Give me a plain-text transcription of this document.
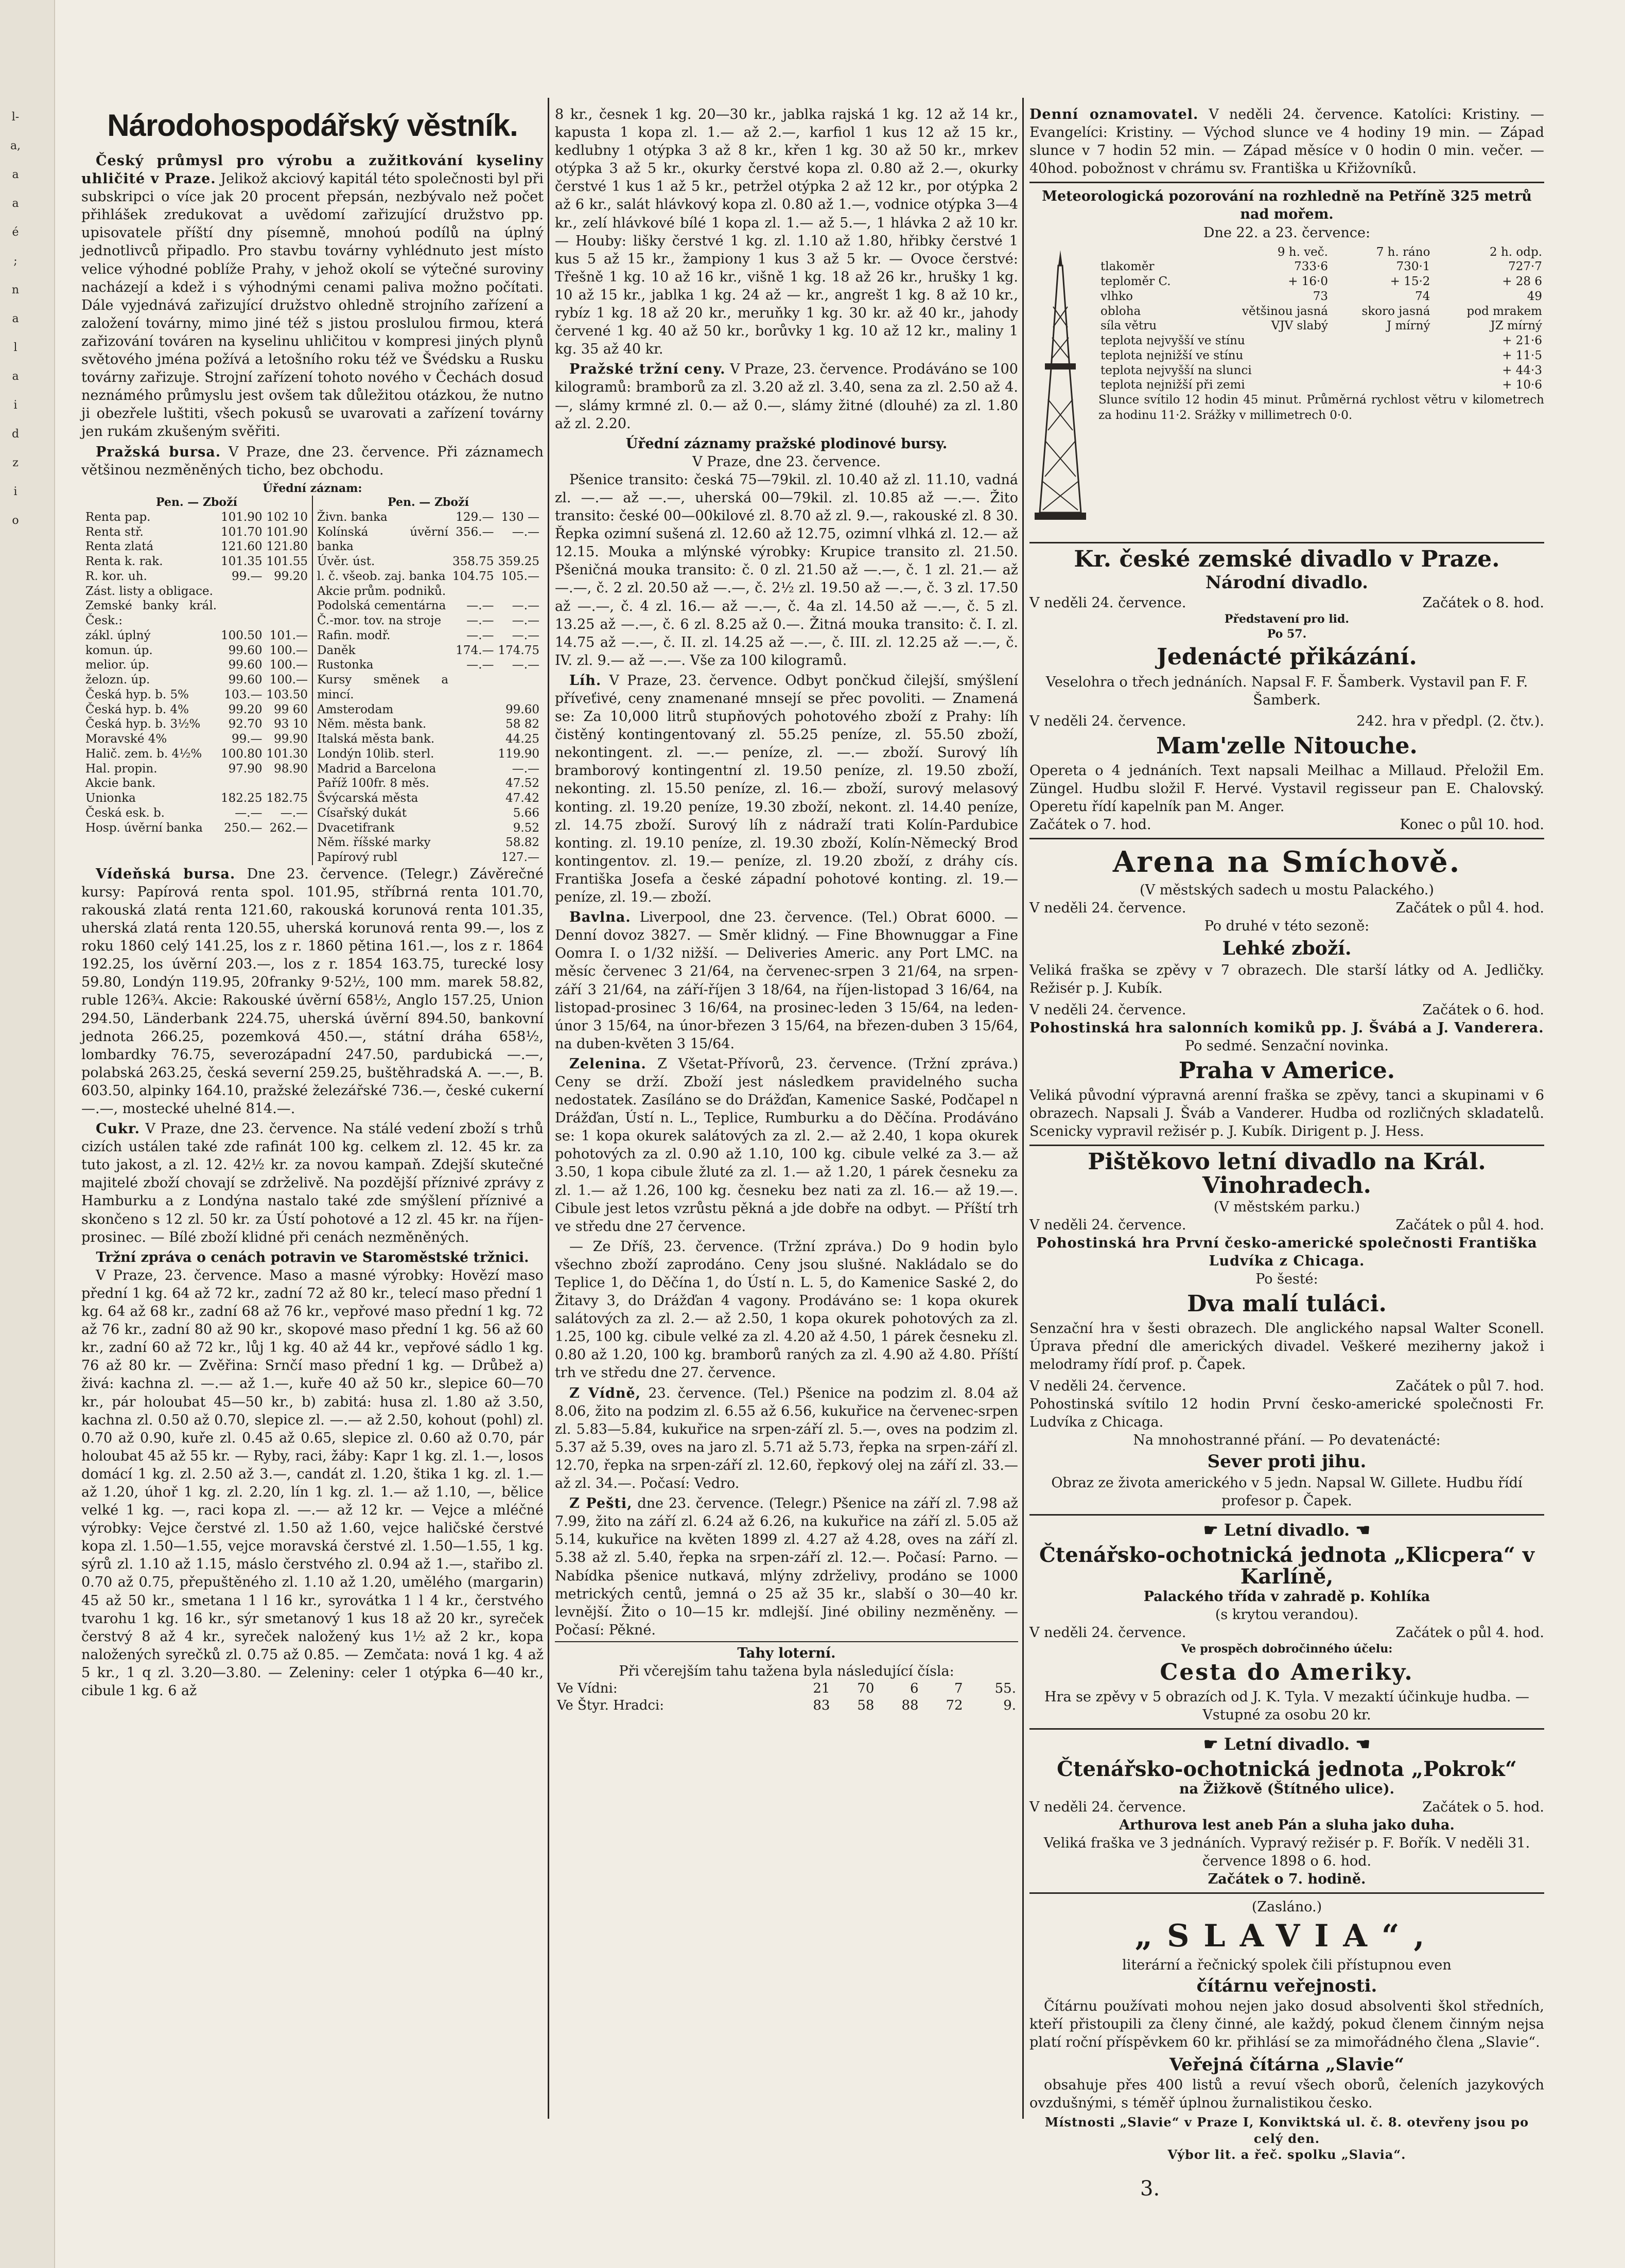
l-
a,
a
a
é
;
n
a
l
a
i
d
z
i
o
Národohospodářský věstník.

Český průmysl pro výrobu a zužitkování kyseliny uhličité v Praze. Jelikož akciový kapitál této společnosti byl při subskripci o více jak 20 procent přepsán, nezbývalo než počet přihlášek zredukovat a uvědomí zařizující družstvo pp. upisovatele příští dny písemně, mnohoú podílů na úplný jednotlivců připadlo. Pro stavbu továrny vyhlédnuto jest místo velice výhodné poblíže Prahy, v jehož okolí se výtečné suroviny nacházejí a kdež i s výhodnými cenami paliva možno počítati. Dále vyjednává zařizující družstvo ohledně strojního zařízení a založení továrny, mimo jiné též s jistou proslulou firmou, která zařizování továren na kyselinu uhličitou v kompresi jiných plynů světového jména požívá a letošního roku též ve Švédsku a Rusku továrny zařizuje. Strojní zařízení tohoto nového v Čechách dosud neznámého průmyslu jest ovšem tak důležitou otázkou, že nutno ji obezřele luštiti, všech pokusů se uvarovati a zařízení továrny jen rukám zkušeným svěřiti.

Pražská bursa. V Praze, dne 23. července. Při záznamech většinou nezměněných ticho, bez obchodu.

Úřední záznam:
Pen. — Zboží
Renta pap.	101.90	102 10
Renta stř.	101.70	101.90
Renta zlatá	121.60	121.80
Renta k. rak.	101.35	101.55
R. kor. uh.	99.—	99.20
Zást. listy a obligace.		
Zemské banky král. Česk.:		
zákl. úplný	100.50	101.—
komun. úp.	99.60	100.—
melior. úp.	99.60	100.—
želozn. úp.	99.60	100.—
Česká hyp. b. 5%	103.—	103.50
Česká hyp. b. 4%	99.20	99 60
Česká hyp. b. 3½%	92.70	93 10
Moravské 4%	99.—	99.90
Halič. zem. b. 4½%	100.80	101.30
Hal. propin.	97.90	98.90
Akcie bank.		
Unionka	182.25	182.75
Česká esk. b.	—.—	—.—
Hosp. úvěrní banka	250.—	262.—

Pen. — Zboží
Živn. banka	129.—	130 —
Kolínská úvěrní banka	356.—	—.—
Úvěr. úst.	358.75	359.25
l. č. všeob. zaj. banka	104.75	105.—
Akcie prům. podniků.		
Podolská cementárna	—.—	—.—
Č.-mor. tov. na stroje	—.—	—.—
Rafin. modř.	—.—	—.—
Daněk	174.—	174.75
Rustonka	—.—	—.—
Kursy směnek a mincí.		
Amsterodam		99.60
Něm. města bank.		58 82
Italská města bank.		44.25
Londýn 10lib. sterl.		119.90
Madrid a Barcelona		—.—
Paříž 100fr. 8 měs.		47.52
Švýcarská města		47.42
Císařský dukát		5.66
Dvacetifrank		9.52
Něm. říšské marky		58.82
Papírový rubl		127.—

Vídeňská bursa. Dne 23. července. (Telegr.) Závěrečné kursy: Papírová renta spol. 101.95, stříbrná renta 101.70, rakouská zlatá renta 121.60, rakouská korunová renta 101.35, uherská zlatá renta 120.55, uherská korunová renta 99.—, los z roku 1860 celý 141.25, los z r. 1860 pětina 161.—, los z r. 1864 192.25, los úvěrní 203.—, los z r. 1854 163.75, turecké losy 59.80, Londýn 119.95, 20franky 9·52½, 100 mm. marek 58.82, ruble 126¾. Akcie: Rakouské úvěrní 658½, Anglo 157.25, Union 294.50, Länderbank 224.75, uherská úvěrní 894.50, bankovní jednota 266.25, pozemková 450.—, státní dráha 658½, lombardky 76.75, severozápadní 247.50, pardubická —.—, polabská 263.25, česká severní 259.25, buštěhradská A. —.—, B. 603.50, alpinky 164.10, pražské železářské 736.—, české cukerní —.—, mostecké uhelné 814.—.

Cukr. V Praze, dne 23. července. Na stálé vedení zboží s trhů cizích ustálen také zde rafinát 100 kg. celkem zl. 12. 45 kr. za tuto jakost, a zl. 12. 42½ kr. za novou kampaň. Zdejší skutečné majitelé zboží chovají se zdrželivě. Na pozdější příznivé zprávy z Hamburku a z Londýna nastalo také zde smýšlení příznivé a skončeno s 12 zl. 50 kr. za Ústí pohotové a 12 zl. 45 kr. na říjen-prosinec. — Bílé zboží klidné při cenách nezměněných.

Tržní zpráva o cenách potravin ve Staroměstské tržnici.

V Praze, 23. července. Maso a masné výrobky: Hovězí maso přední 1 kg. 64 až 72 kr., zadní 72 až 80 kr., telecí maso přední 1 kg. 64 až 68 kr., zadní 68 až 76 kr., vepřové maso přední 1 kg. 72 až 76 kr., zadní 80 až 90 kr., skopové maso přední 1 kg. 56 až 60 kr., zadní 60 až 72 kr., lůj 1 kg. 40 až 44 kr., vepřové sádlo 1 kg. 76 až 80 kr. — Zvěřina: Srnčí maso přední 1 kg. — Drůbež a) živá: kachna zl. —.— až 1.—, kuře 40 až 50 kr., slepice 60—70 kr., pár holoubat 45—50 kr., b) zabitá: husa zl. 1.80 až 3.50, kachna zl. 0.50 až 0.70, slepice zl. —.— až 2.50, kohout (pohl) zl. 0.70 až 0.90, kuře zl. 0.45 až 0.65, slepice zl. 0.60 až 0.70, pár holoubat 45 až 55 kr. — Ryby, raci, žáby: Kapr 1 kg. zl. 1.—, losos domácí 1 kg. zl. 2.50 až 3.—, candát zl. 1.20, štika 1 kg. zl. 1.— až 1.20, úhoř 1 kg. zl. 2.20, lín 1 kg. zl. 1.— až 1.10, —, bělice velké 1 kg. —, raci kopa zl. —.— až 12 kr. — Vejce a mléčné výrobky: Vejce čerstvé zl. 1.50 až 1.60, vejce haličské čerstvé kopa zl. 1.50—1.55, vejce moravská čerstvé zl. 1.50—1.55, 1 kg. sýrů zl. 1.10 až 1.15, máslo čerstvého zl. 0.94 až 1.—, stařibo zl. 0.70 až 0.75, přepuštěného zl. 1.10 až 1.20, umělého (margarin) 45 až 50 kr., smetana 1 l 16 kr., syrovátka 1 l 4 kr., čerstvého tvarohu 1 kg. 16 kr., sýr smetanový 1 kus 18 až 20 kr., syreček čerstvý 8 až 4 kr., syreček naložený kus 1½ až 2 kr., kopa naložených syrečků zl. 0.75 až 0.85. — Zemčata: nová 1 kg. 4 až 5 kr., 1 q zl. 3.20—3.80. — Zeleniny: celer 1 otýpka 6—40 kr., cibule 1 kg. 6 až

8 kr., česnek 1 kg. 20—30 kr., jablka rajská 1 kg. 12 až 14 kr., kapusta 1 kopa zl. 1.— až 2.—, karfiol 1 kus 12 až 15 kr., kedlubny 1 otýpka 3 až 8 kr., křen 1 kg. 30 až 50 kr., mrkev otýpka 3 až 5 kr., okurky čerstvé kopa zl. 0.80 až 2.—, okurky čerstvé 1 kus 1 až 5 kr., petržel otýpka 2 až 12 kr., por otýpka 2 až 6 kr., salát hlávkový kopa zl. 0.80 až 1.—, vodnice otýpka 3—4 kr., zelí hlávkové bílé 1 kopa zl. 1.— až 5.—, 1 hlávka 2 až 10 kr. — Houby: lišky čerstvé 1 kg. zl. 1.10 až 1.80, hřibky čerstvé 1 kus 5 až 15 kr., žampiony 1 kus 3 až 5 kr. — Ovoce čerstvé: Třešně 1 kg. 10 až 16 kr., višně 1 kg. 18 až 26 kr., hrušky 1 kg. 10 až 15 kr., jablka 1 kg. 24 až — kr., angrešt 1 kg. 8 až 10 kr., rybíz 1 kg. 18 až 20 kr., meruňky 1 kg. 30 kr. až 40 kr., jahody červené 1 kg. 40 až 50 kr., borůvky 1 kg. 10 až 12 kr., maliny 1 kg. 35 až 40 kr.

Pražské tržní ceny. V Praze, 23. července. Prodáváno se 100 kilogramů: bramborů za zl. 3.20 až zl. 3.40, sena za zl. 2.50 až 4.—, slámy krmné zl. 0.— až 0.—, slámy žitné (dlouhé) za zl. 1.80 až zl. 2.20.

Úřední záznamy pražské plodinové bursy.
V Praze, dne 23. července.

Pšenice transito: česká 75—79kil. zl. 10.40 až zl. 11.10, vadná zl. —.— až —.—, uherská 00—79kil. zl. 10.85 až —.—. Žito transito: české 00—00kilové zl. 8.70 až zl. 9.—, rakouské zl. 8 30. Řepka ozimní sušená zl. 12.60 až 12.75, ozimní vlhká zl. 12.— až 12.15. Mouka a mlýnské výrobky: Krupice transito zl. 21.50. Pšeničná mouka transito: č. 0 zl. 21.50 až —.—, č. 1 zl. 21.— až —.—, č. 2 zl. 20.50 až —.—, č. 2½ zl. 19.50 až —.—, č. 3 zl. 17.50 až —.—, č. 4 zl. 16.— až —.—, č. 4a zl. 14.50 až —.—, č. 5 zl. 13.25 až —.—, č. 6 zl. 8.25 až 0.—. Žitná mouka transito: č. I. zl. 14.75 až —.—, č. II. zl. 14.25 až —.—, č. III. zl. 12.25 až —.—, č. IV. zl. 9.— až —.—. Vše za 100 kilogramů.

Líh. V Praze, 23. července. Odbyt pončkud čilejší, smýšlení příveťivé, ceny znamenané mnsejí se přec povoliti. — Znamená se: Za 10,000 litrů stupňových pohotového zboží z Prahy: líh čistěný kontingentovaný zl. 55.25 peníze, zl. 55.50 zboží, nekontingent. zl. —.— peníze, zl. —.— zboží. Surový líh bramborový kontingentní zl. 19.50 peníze, zl. 19.50 zboží, nekonting. zl. 15.50 peníze, zl. 16.— zboží, surový melasový konting. zl. 19.20 peníze, 19.30 zboží, nekont. zl. 14.40 peníze, zl. 14.75 zboží. Surový líh z nádraží trati Kolín-Pardubice konting. zl. 19.10 peníze, zl. 19.30 zboží, Kolín-Německý Brod kontingentov. zl. 19.— peníze, zl. 19.20 zboží, z dráhy cís. Františka Josefa a české západní pohotové konting. zl. 19.— peníze, zl. 19.— zboží.

Bavlna. Liverpool, dne 23. července. (Tel.) Obrat 6000. — Denní dovoz 3827. — Směr klidný. — Fine Bhownuggar a Fine Oomra I. o 1/32 nižší. — Deliveries Americ. any Port LMC. na měsíc červenec 3 21/64, na červenec-srpen 3 21/64, na srpen-září 3 21/64, na září-říjen 3 18/64, na říjen-listopad 3 16/64, na listopad-prosinec 3 16/64, na prosinec-leden 3 15/64, na leden-únor 3 15/64, na únor-březen 3 15/64, na březen-duben 3 15/64, na duben-květen 3 15/64.

Zelenina. Z Všetat-Přívorů, 23. července. (Tržní zpráva.) Ceny se drží. Zboží jest následkem pravidelného sucha nedostatek. Zasíláno se do Drážďan, Kamenice Saské, Podčapel n Drážďan, Ústí n. L., Teplice, Rumburku a do Děčína. Prodáváno se: 1 kopa okurek salátových za zl. 2.— až 2.40, 1 kopa okurek pohotových za zl. 0.90 až 1.10, 100 kg. cibule velké za 3.— až 3.50, 1 kopa cibule žluté za zl. 1.— až 1.20, 1 párek česneku za zl. 1.— až 1.26, 100 kg. česneku bez nati za zl. 16.— až 19.—. Cibule jest letos vzrůstu pěkná a jde dobře na odbyt. — Příští trh ve středu dne 27 července.

— Ze Dříš, 23. července. (Tržní zpráva.) Do 9 hodin bylo všechno zboží zaprodáno. Ceny jsou slušné. Nakládalo se do Teplice 1, do Děčína 1, do Ústí n. L. 5, do Kamenice Saské 2, do Žitavy 3, do Drážďan 4 vagony. Prodáváno se: 1 kopa okurek salátových za zl. 2.— až 2.50, 1 kopa okurek pohotových za zl. 1.25, 100 kg. cibule velké za zl. 4.20 až 4.50, 1 párek česneku zl. 0.80 až 1.20, 100 kg. bramborů raných za zl. 4.90 až 4.80. Příští trh ve středu dne 27. července.

Z Vídně, 23. července. (Tel.) Pšenice na podzim zl. 8.04 až 8.06, žito na podzim zl. 6.55 až 6.56, kukuřice na červenec-srpen zl. 5.83—5.84, kukuřice na srpen-září zl. 5.—, oves na podzim zl. 5.37 až 5.39, oves na jaro zl. 5.71 až 5.73, řepka na srpen-září zl. 12.70, řepka na srpen-září zl. 12.60, řepkový olej na září zl. 33.— až zl. 34.—. Počasí: Vedro.

Z Pešti, dne 23. července. (Telegr.) Pšenice na září zl. 7.98 až 7.99, žito na září zl. 6.24 až 6.26, na kukuřice na září zl. 5.05 až 5.14, kukuřice na květen 1899 zl. 4.27 až 4.28, oves na září zl. 5.38 až zl. 5.40, řepka na srpen-září zl. 12.—. Počasí: Parno. — Nabídka pšenice nutkavá, mlýny zdrželivy, prodáno se 1000 metrických centů, jemná o 25 až 35 kr., slabší o 30—40 kr. levnější. Žito o 10—15 kr. mdlejší. Jiné obiliny nezměněny. — Počasí: Pěkné.

Tahy loterní.
Při včerejším tahu tažena byla následující čísla:
Ve Vídni:	21	70	6	7	55.
Ve Štyr. Hradci:	83	58	88	72	9.

Denní oznamovatel. V neděli 24. července. Katolíci: Kristiny. — Evangelíci: Kristiny. — Východ slunce ve 4 hodiny 19 min. — Západ slunce v 7 hodin 52 min. — Západ měsíce v 0 hodin 0 min. večer. — 40hod. pobožnost v chrámu sv. Františka u Křižovníků.

Meteorologická pozorování na rozhledně na Petříně 325 metrů nad mořem.
Dne 22. a 23. července:
	9 h. več.	7 h. ráno	2 h. odp.
tlakoměr	733·6	730·1	727·7
teploměr C.	+ 16·0	+ 15·2	+ 28 6
vlhko	73	74	49
obloha	většinou jasná	skoro jasná	pod mrakem
síla větru	VJV slabý	J mírný	JZ mírný
teplota nejvyšší ve stínu	+ 21·6
teplota nejnižší ve stínu	+ 11·5
teplota nejvyšší na slunci	+ 44·3
teplota nejnižší při zemi	+ 10·6
Slunce svítilo 12 hodin 45 minut. Průměrná rychlost větru v kilometrech za hodinu 11·2. Srážky v millimetrech 0·0.
Kr. české zemské divadlo v Praze.
Národní divadlo.
V neděli 24. července.	Začátek o 8. hod.
Představení pro lid.
Po 57.
Jedenácté přikázání.
Veselohra o třech jednáních. Napsal F. F. Šamberk. Vystavil pan F. F. Šamberk.
V neděli 24. července.	242. hra v předpl. (2. čtv.).
Mam'zelle Nitouche.
Opereta o 4 jednáních. Text napsali Meilhac a Millaud. Přeložil Em. Züngel. Hudbu složil F. Hervé. Vystavil regisseur pan E. Chalovský. Operetu řídí kapelník pan M. Anger.
Začátek o 7. hod.	Konec o půl 10. hod.
Arena na Smíchově.
(V městských sadech u mostu Palackého.)
V neděli 24. července.	Začátek o půl 4. hod.
Po druhé v této sezoně:
Lehké zboží.
Veliká fraška se zpěvy v 7 obrazech. Dle starší látky od A. Jedličky. Režisér p. J. Kubík.
V neděli 24. července.	Začátek o 6. hod.
Pohostinská hra salonních komiků pp. J. Švábá a J. Vanderera.
Po sedmé. Senzační novinka.
Praha v Americe.
Veliká původní výpravná arenní fraška se zpěvy, tanci a skupinami v 6 obrazech. Napsali J. Šváb a Vanderer. Hudba od rozličných skladatelů. Scenicky vypravil režisér p. J. Kubík. Dirigent p. J. Hess.
Pištěkovo letní divadlo na Král. Vinohradech.
(V městském parku.)
V neděli 24. července.	Začátek o půl 4. hod.
Pohostinská hra První česko-americké společnosti Františka Ludvíka z Chicaga.
Po šesté:
Dva malí tuláci.
Senzační hra v šesti obrazech. Dle anglického napsal Walter Sconell. Úprava přední dle amerických divadel. Veškeré meziherny jakož i melodramy řídí prof. p. Čapek.
V neděli 24. července.	Začátek o půl 7. hod.
Pohostinská svítilo 12 hodin První česko-americké společnosti Fr. Ludvíka z Chicaga.
Na mnohostranné přání. — Po devatenácté:
Sever proti jihu.
Obraz ze života amerického v 5 jedn. Napsal W. Gillete. Hudbu řídí profesor p. Čapek.
☛ Letní divadlo. ☚
Čtenářsko-ochotnická jednota „Klicpera“ v Karlíně,
Palackého třída v zahradě p. Kohlíka
(s krytou verandou).
V neděli 24. července.	Začátek o půl 4. hod.
Ve prospěch dobročinného účelu:
Cesta do Ameriky.
Hra se zpěvy v 5 obrazích od J. K. Tyla. V mezaktí účinkuje hudba. — Vstupné za osobu 20 kr.
☛ Letní divadlo. ☚
Čtenářsko-ochotnická jednota „Pokrok“
na Žižkově (Štítného ulice).
V neděli 24. července.	Začátek o 5. hod.
Arthurova lest aneb Pán a sluha jako duha.
Veliká fraška ve 3 jednáních. Vypravý režisér p. F. Bořík. V neděli 31. července 1898 o 6. hod.
Začátek o 7. hodině.
(Zasláno.)
„SLAVIA“,
literární a řečnický spolek čili přístupnou even
čítárnu veřejnosti.

Čítárnu používati mohou nejen jako dosud absolventi škol středních, kteří přistoupili za členy činné, ale každý, pokud členem činným nejsa platí roční příspěvkem 60 kr. přihlásí se za mimořádného člena „Slavie“.

Veřejná čítárna „Slavie“

obsahuje přes 400 listů a revuí všech oborů, čeleních jazykových ovzdušnými, s téměř úplnou žurnalistikou česko.

Místnosti „Slavie“ v Praze I, Konviktská ul. č. 8. otevřeny jsou po celý den.
Výbor lit. a řeč. spolku „Slavia“.
3.
